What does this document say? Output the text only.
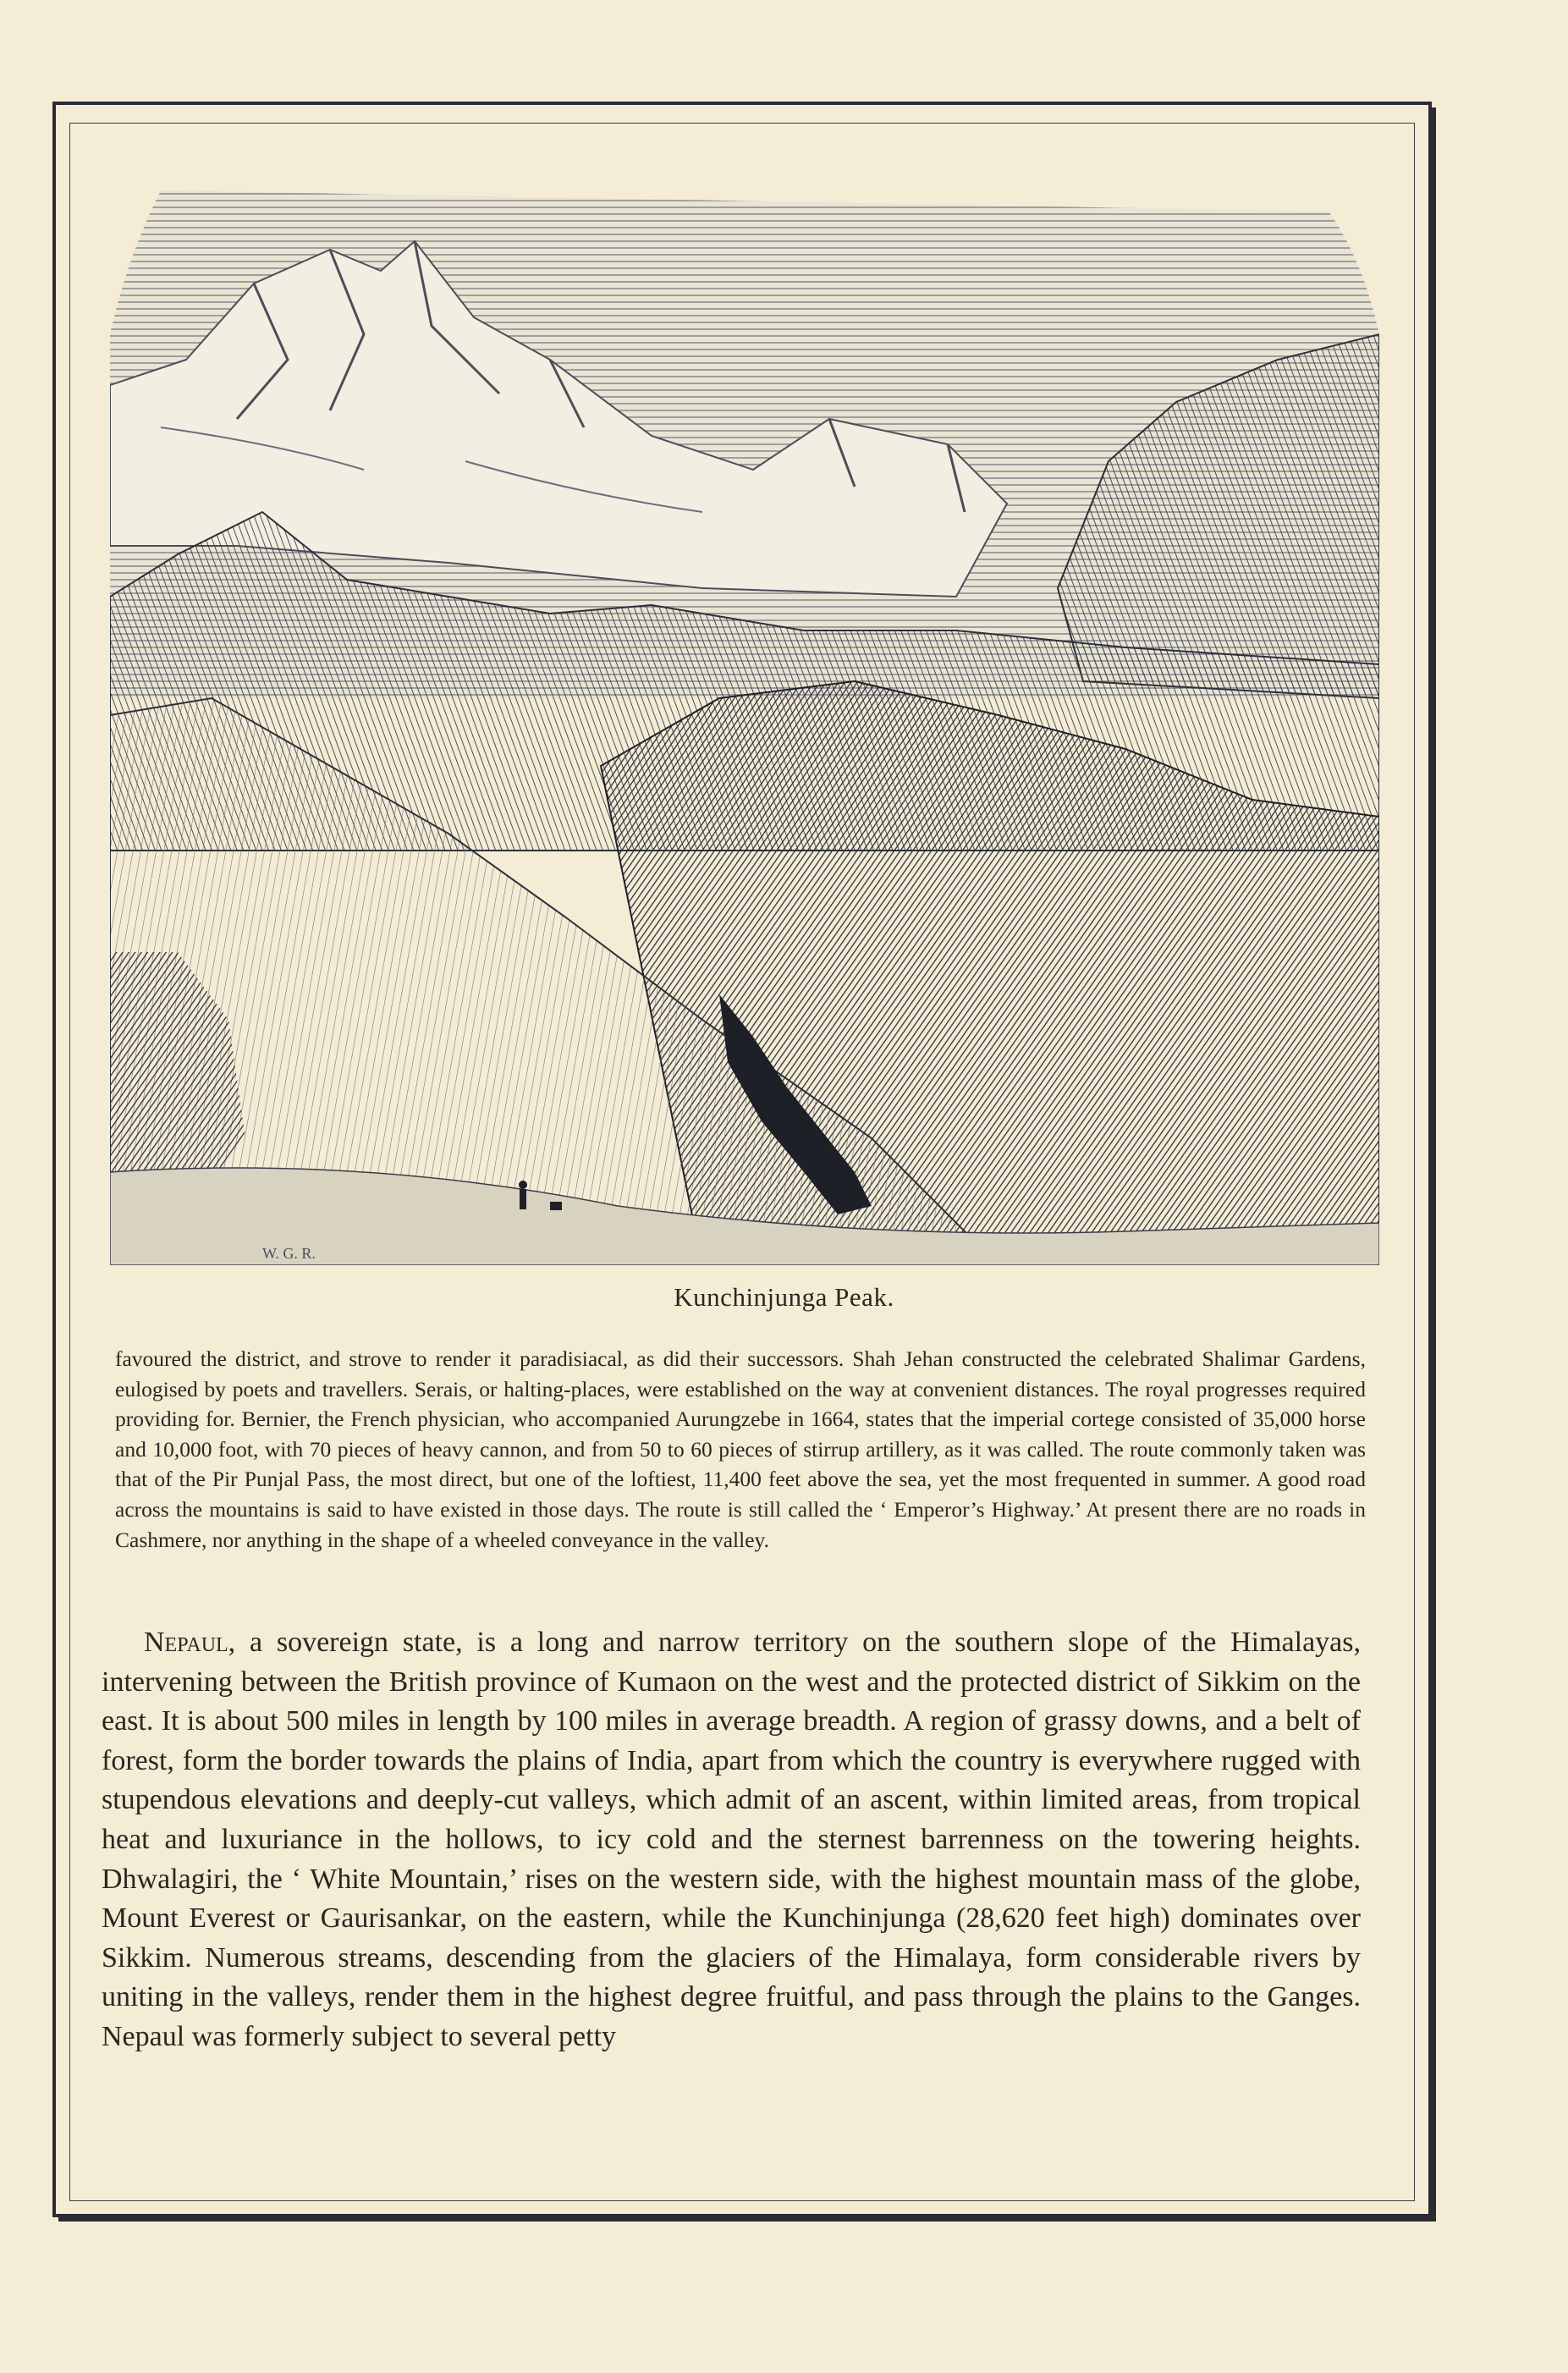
W. G. R.
Kunchinjunga Peak.

favoured the district, and strove to render it paradisiacal, as did their successors. Shah Jehan constructed the celebrated Shalimar Gardens, eulogised by poets and travellers. Serais, or halting-places, were established on the way at convenient distances. The royal progresses required providing for. Bernier, the French physician, who accompanied Aurungzebe in 1664, states that the imperial cortege consisted of 35,000 horse and 10,000 foot, with 70 pieces of heavy cannon, and from 50 to 60 pieces of stirrup artillery, as it was called. The route commonly taken was that of the Pir Punjal Pass, the most direct, but one of the loftiest, 11,400 feet above the sea, yet the most frequented in summer. A good road across the mountains is said to have existed in those days. The route is still called the ‘ Emperor’s Highway.’ At present there are no roads in Cashmere, nor anything in the shape of a wheeled conveyance in the valley.

Nepaul, a sovereign state, is a long and narrow territory on the southern slope of the Himalayas, intervening between the British province of Kumaon on the west and the protected district of Sikkim on the east. It is about 500 miles in length by 100 miles in average breadth. A region of grassy downs, and a belt of forest, form the border towards the plains of India, apart from which the country is everywhere rugged with stupendous elevations and deeply-cut valleys, which admit of an ascent, within limited areas, from tropical heat and luxuriance in the hollows, to icy cold and the sternest barrenness on the towering heights. Dhwalagiri, the ‘ White Mountain,’ rises on the western side, with the highest mountain mass of the globe, Mount Everest or Gaurisankar, on the eastern, while the Kunchinjunga (28,620 feet high) dominates over Sikkim. Numerous streams, descending from the glaciers of the Himalaya, form considerable rivers by uniting in the valleys, render them in the highest degree fruitful, and pass through the plains to the Ganges. Nepaul was formerly subject to several petty
